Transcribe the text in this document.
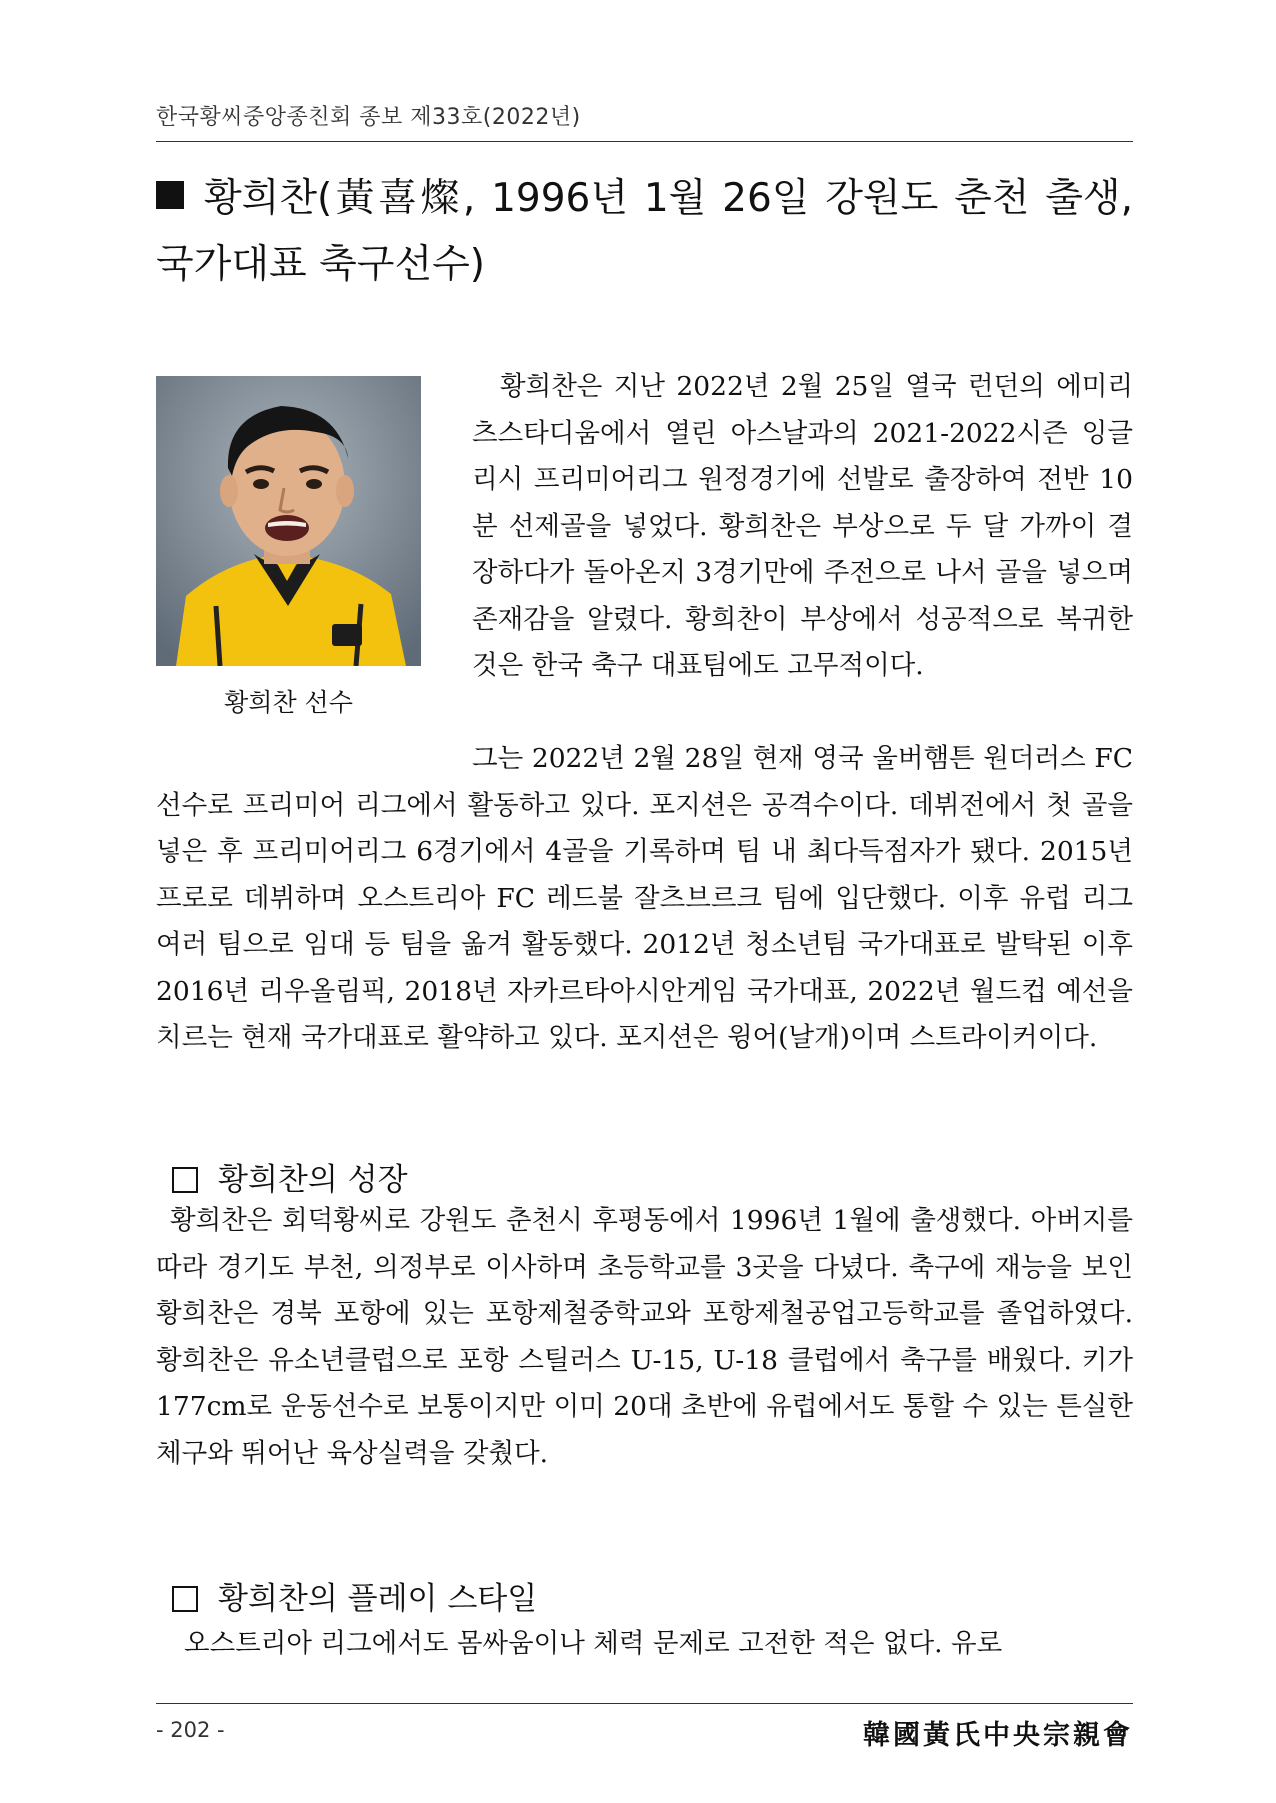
한국황씨중앙종친회 종보 제33호(2022년)
황희찬(黃喜燦, 1996년 1월 26일 강원도 춘천 출생, 국가대표 축구선수)
황희찬 선수

황희찬은 지난 2022년 2월 25일 열국 런던의 에미리츠스타디움에서 열린 아스날과의 2021-2022시즌 잉글리시 프리미어리그 원정경기에 선발로 출장하여 전반 10분 선제골을 넣었다. 황희찬은 부상으로 두 달 가까이 결장하다가 돌아온지 3경기만에 주전으로 나서 골을 넣으며 존재감을 알렸다. 황희찬이 부상에서 성공적으로 복귀한 것은 한국 축구 대표팀에도 고무적이다.

그는 2022년 2월 28일 현재 영국 울버햄튼 원더러스 FC 선수로 프리미어 리그에서 활동하고 있다. 포지션은 공격수이다. 데뷔전에서 첫 골을 넣은 후 프리미어리그 6경기에서 4골을 기록하며 팀 내 최다득점자가 됐다. 2015년 프로로 데뷔하며 오스트리아 FC 레드불 잘츠브르크 팀에 입단했다. 이후 유럽 리그 여러 팀으로 임대 등 팀을 옮겨 활동했다. 2012년 청소년팀 국가대표로 발탁된 이후 2016년 리우올림픽, 2018년 자카르타아시안게임 국가대표, 2022년 월드컵 예선을 치르는 현재 국가대표로 활약하고 있다. 포지션은 윙어(날개)이며 스트라이커이다.

황희찬의 성장

황희찬은 회덕황씨로 강원도 춘천시 후평동에서 1996년 1월에 출생했다. 아버지를 따라 경기도 부천, 의정부로 이사하며 초등학교를 3곳을 다녔다. 축구에 재능을 보인 황희찬은 경북 포항에 있는 포항제철중학교와 포항제철공업고등학교를 졸업하였다. 황희찬은 유소년클럽으로 포항 스틸러스 U-15, U-18 클럽에서 축구를 배웠다. 키가 177cm로 운동선수로 보통이지만 이미 20대 초반에 유럽에서도 통할 수 있는 튼실한 체구와 뛰어난 육상실력을 갖췄다.

황희찬의 플레이 스타일

오스트리아 리그에서도 몸싸움이나 체력 문제로 고전한 적은 없다. 유로

- 202 -	韓國黃氏中央宗親會
